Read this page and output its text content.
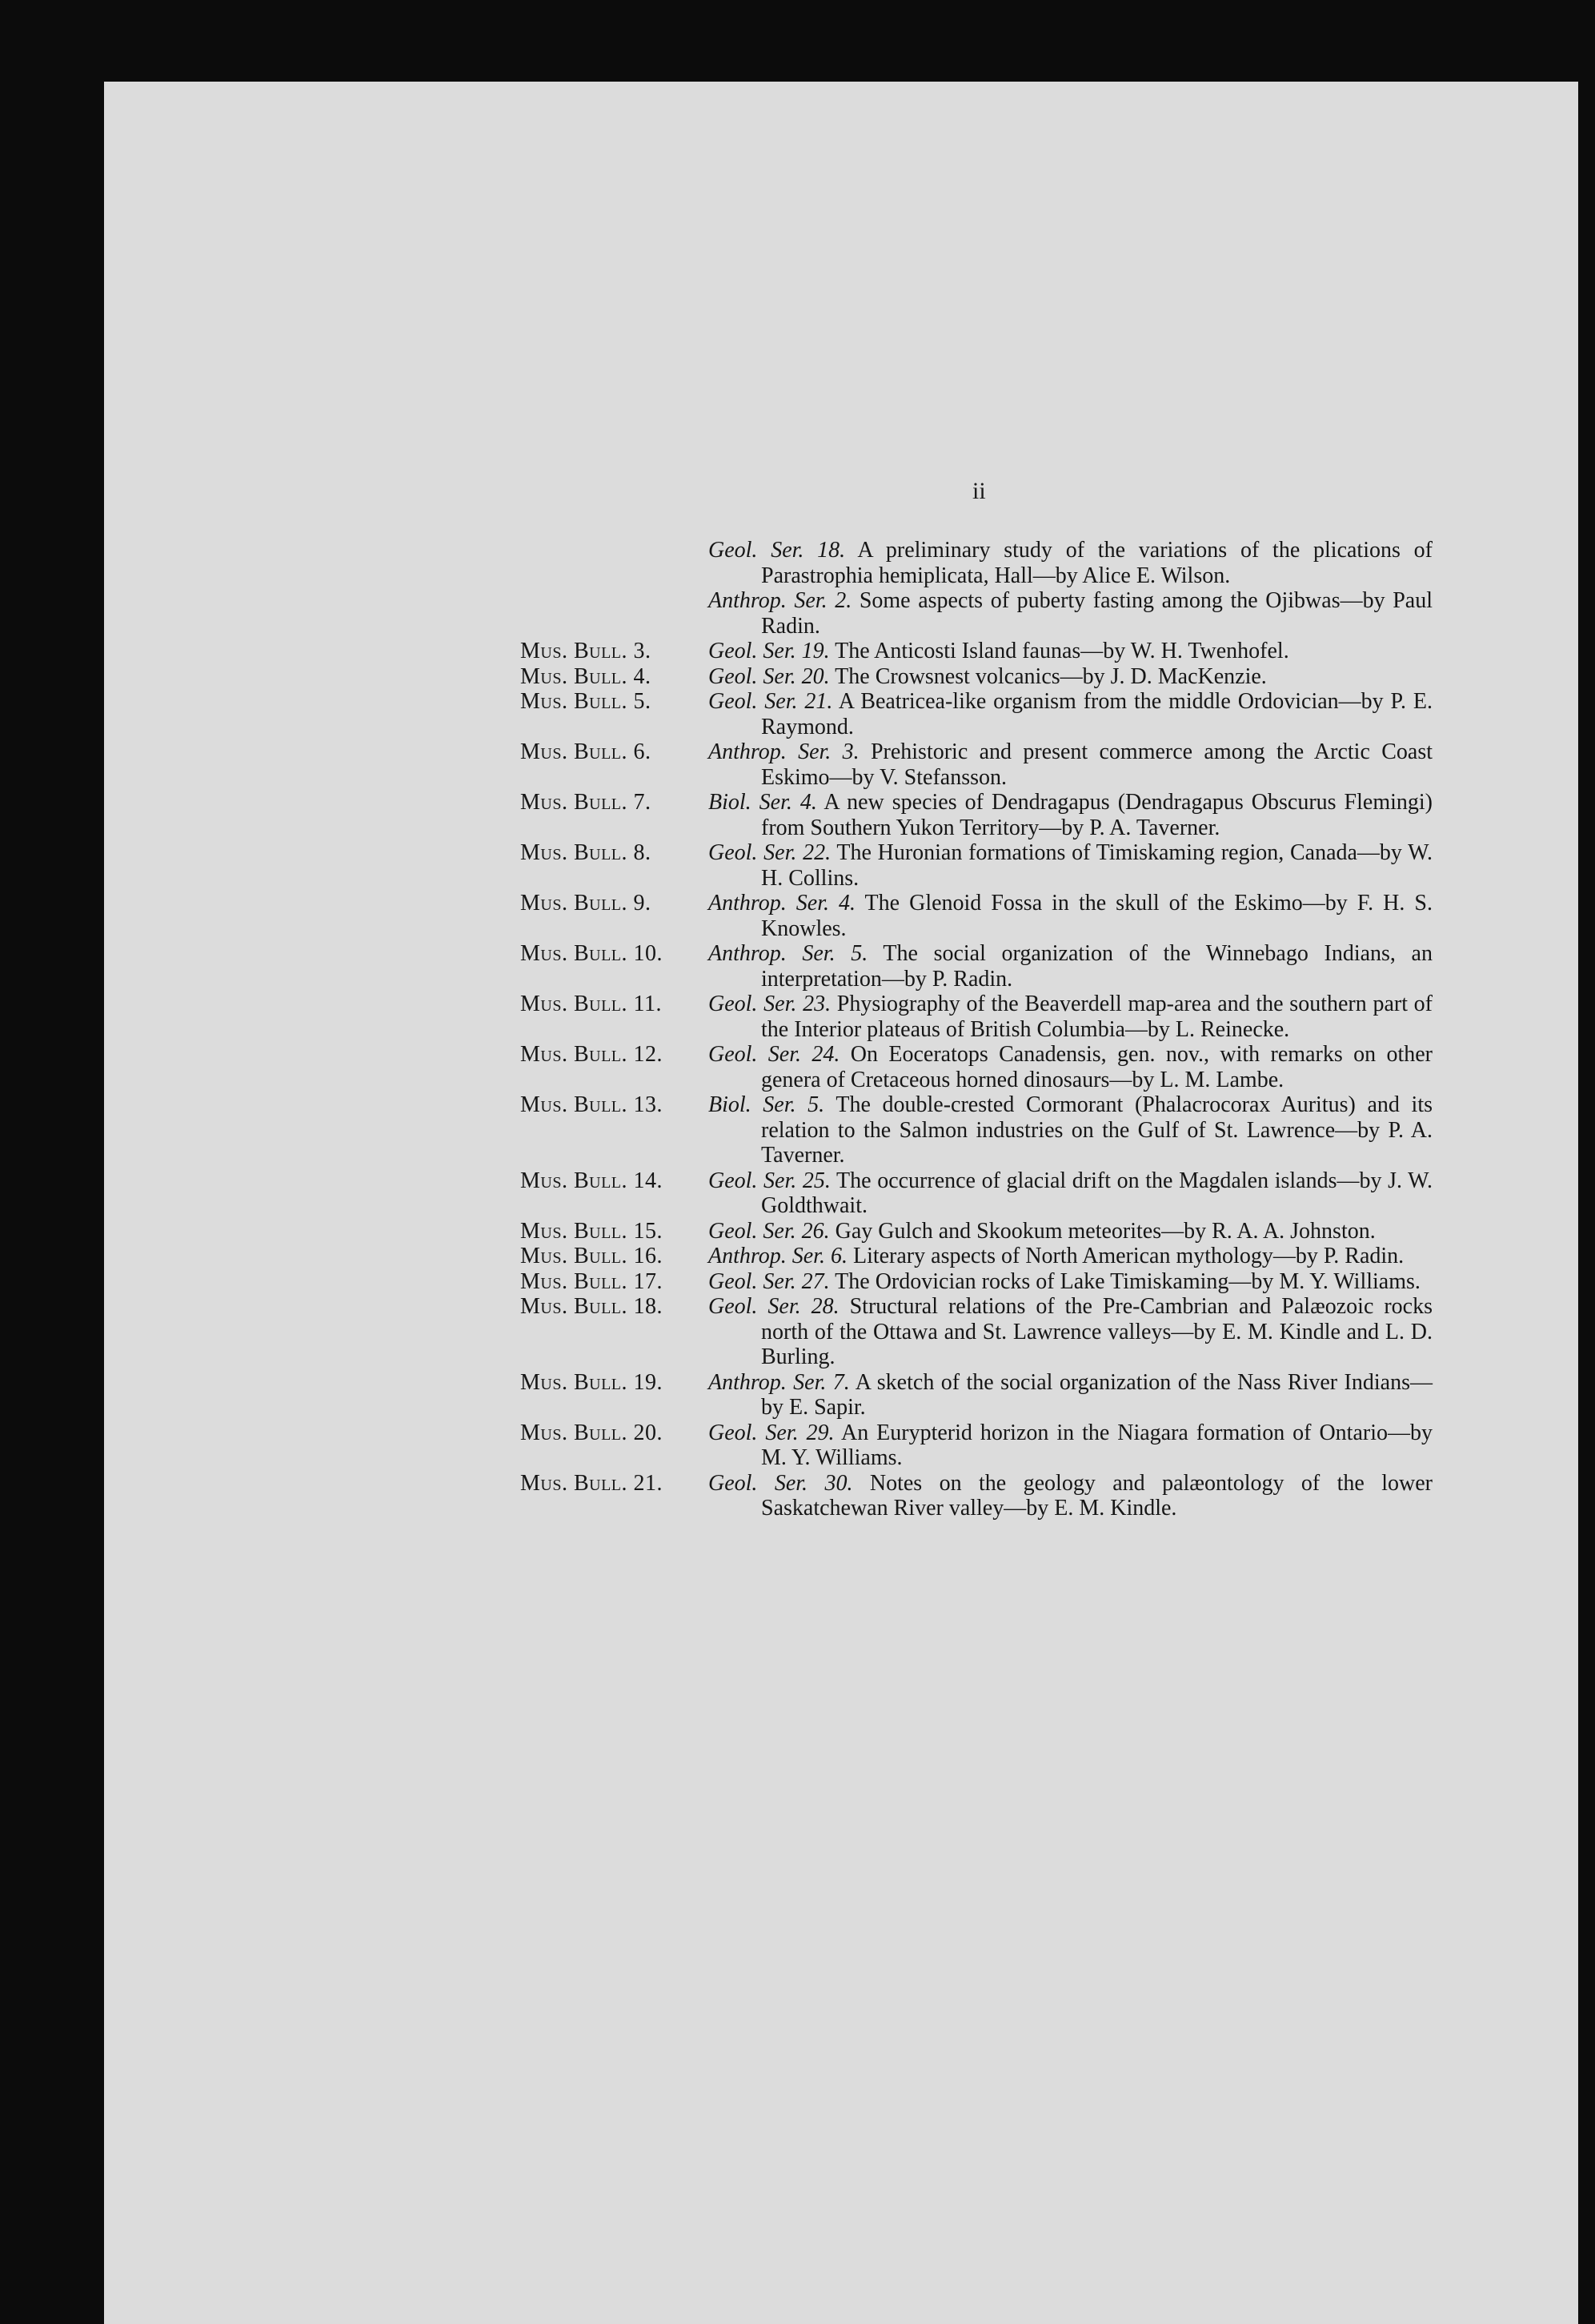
ii
Geol. Ser. 18. A preliminary study of the variations of the plications of Parastrophia hemiplicata, Hall—by Alice E. Wilson.
Anthrop. Ser. 2. Some aspects of puberty fasting among the Ojibwas—by Paul Radin.
Mus. Bull. 3.	Geol. Ser. 19. The Anticosti Island faunas—by W. H. Twenhofel.
Mus. Bull. 4.	Geol. Ser. 20. The Crowsnest volcanics—by J. D. MacKenzie.
Mus. Bull. 5.	Geol. Ser. 21. A Beatricea-like organism from the middle Ordovician—by P. E. Raymond.
Mus. Bull. 6.	Anthrop. Ser. 3. Prehistoric and present commerce among the Arctic Coast Eskimo—by V. Stefansson.
Mus. Bull. 7.	Biol. Ser. 4. A new species of Dendragapus (Dendragapus Obscurus Flemingi) from Southern Yukon Territory—by P. A. Taverner.
Mus. Bull. 8.	Geol. Ser. 22. The Huronian formations of Timiskaming region, Canada—by W. H. Collins.
Mus. Bull. 9.	Anthrop. Ser. 4. The Glenoid Fossa in the skull of the Eskimo—by F. H. S. Knowles.
Mus. Bull. 10.	Anthrop. Ser. 5. The social organization of the Winnebago Indians, an interpretation—by P. Radin.
Mus. Bull. 11.	Geol. Ser. 23. Physiography of the Beaverdell map-area and the southern part of the Interior plateaus of British Columbia—by L. Reinecke.
Mus. Bull. 12.	Geol. Ser. 24. On Eoceratops Canadensis, gen. nov., with remarks on other genera of Cretaceous horned dinosaurs—by L. M. Lambe.
Mus. Bull. 13.	Biol. Ser. 5. The double-crested Cormorant (Phalacrocorax Auritus) and its relation to the Salmon industries on the Gulf of St. Lawrence—by P. A. Taverner.
Mus. Bull. 14.	Geol. Ser. 25. The occurrence of glacial drift on the Magdalen islands—by J. W. Goldthwait.
Mus. Bull. 15.	Geol. Ser. 26. Gay Gulch and Skookum meteorites—by R. A. A. Johnston.
Mus. Bull. 16.	Anthrop. Ser. 6. Literary aspects of North American mythology—by P. Radin.
Mus. Bull. 17.	Geol. Ser. 27. The Ordovician rocks of Lake Timiskaming—by M. Y. Williams.
Mus. Bull. 18.	Geol. Ser. 28. Structural relations of the Pre-Cambrian and Palæozoic rocks north of the Ottawa and St. Lawrence valleys—by E. M. Kindle and L. D. Burling.
Mus. Bull. 19.	Anthrop. Ser. 7. A sketch of the social organization of the Nass River Indians—by E. Sapir.
Mus. Bull. 20.	Geol. Ser. 29. An Eurypterid horizon in the Niagara formation of Ontario—by M. Y. Williams.
Mus. Bull. 21.	Geol. Ser. 30. Notes on the geology and palæontology of the lower Saskatchewan River valley—by E. M. Kindle.
